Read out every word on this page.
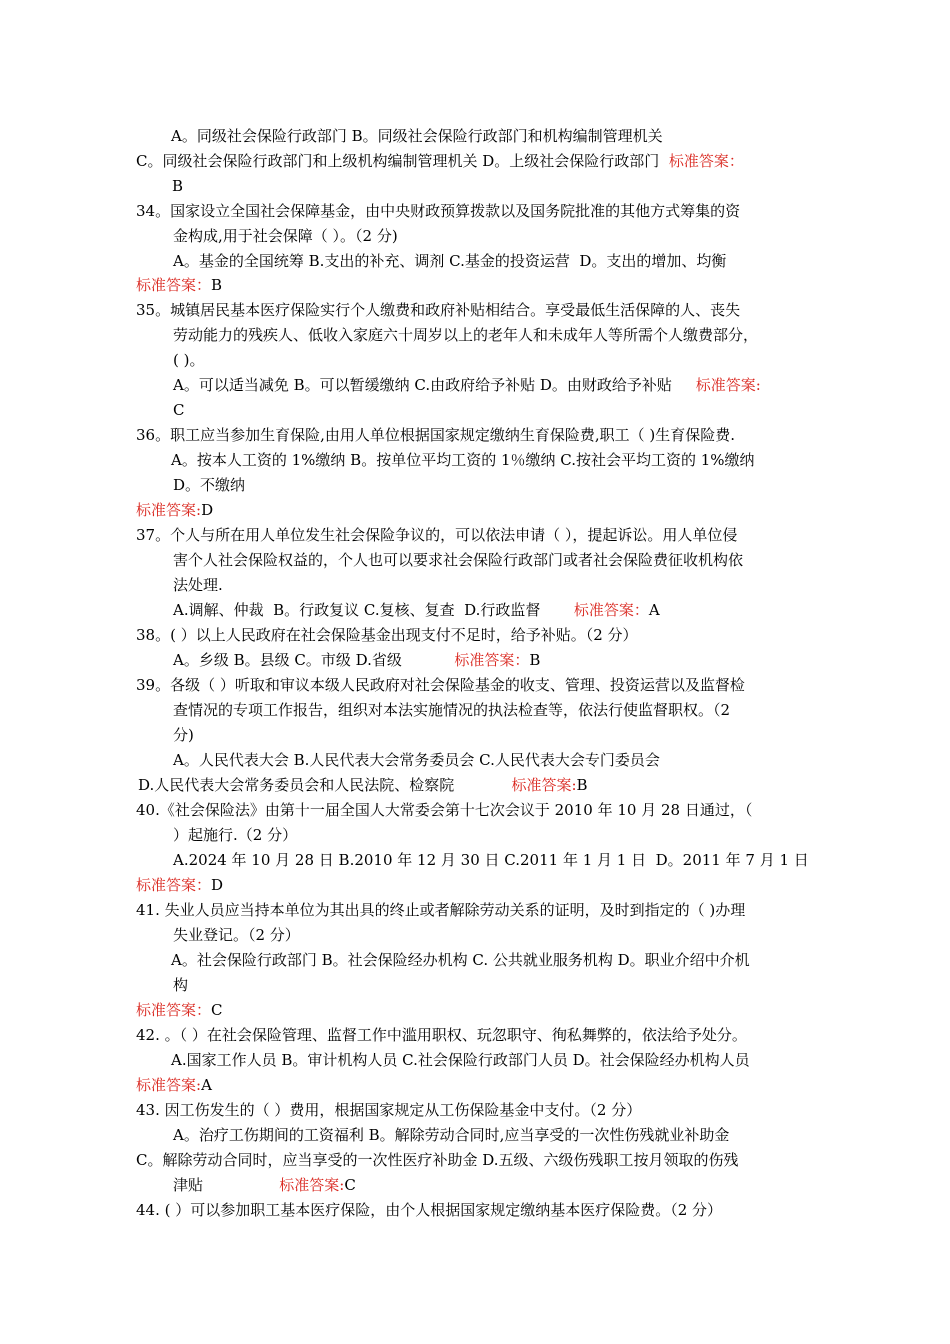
A。同级社会保险行政部门 B。同级社会保险行政部门和机构编制管理机关
C。同级社会保险行政部门和上级机构编制管理机关 D。上级社会保险行政部门  标准答案：
B
34。国家设立全国社会保障基金，由中央财政预算拨款以及国务院批准的其他方式筹集的资
金构成,用于社会保障（ ）。（2 分)
A。基金的全国统筹 B.支出的补充、调剂 C.基金的投资运营  D。支出的增加、均衡
标准答案：B
35。城镇居民基本医疗保险实行个人缴费和政府补贴相结合。享受最低生活保障的人、丧失
劳动能力的残疾人、低收入家庭六十周岁以上的老年人和未成年人等所需个人缴费部分，
( )。
A。可以适当减免 B。可以暂缓缴纳 C.由政府给予补贴 D。由财政给予补贴     标准答案:
C
36。职工应当参加生育保险,由用人单位根据国家规定缴纳生育保险费,职工（ )生育保险费.
A。按本人工资的 1%缴纳 B。按单位平均工资的 1％缴纳 C.按社会平均工资的 1%缴纳
D。不缴纳
标准答案:D
37。个人与所在用人单位发生社会保险争议的，可以依法申请（ ），提起诉讼。用人单位侵
害个人社会保险权益的，个人也可以要求社会保险行政部门或者社会保险费征收机构依
法处理.
A.调解、仲裁  B。行政复议 C.复核、复查  D.行政监督       标准答案：A
38。( ）以上人民政府在社会保险基金出现支付不足时，给予补贴。（2 分）
A。乡级 B。县级 C。市级 D.省级           标准答案：B
39。各级（ ）听取和审议本级人民政府对社会保险基金的收支、管理、投资运营以及监督检
查情况的专项工作报告，组织对本法实施情况的执法检查等，依法行使监督职权。（2
分)
A。人民代表大会 B.人民代表大会常务委员会 C.人民代表大会专门委员会
D.人民代表大会常务委员会和人民法院、检察院            标准答案:B
40.《社会保险法》由第十一届全国人大常委会第十七次会议于 2010 年 10 月 28 日通过，（
）起施行.（2 分）
A.2024 年 10 月 28 日 B.2010 年 12 月 30 日 C.2011 年 1 月 1 日  D。2011 年 7 月 1 日
标准答案：D
41. 失业人员应当持本单位为其出具的终止或者解除劳动关系的证明，及时到指定的（ )办理
失业登记。（2 分）
A。社会保险行政部门 B。社会保险经办机构 C. 公共就业服务机构 D。职业介绍中介机
构
标准答案：C
42. 。（ ）在社会保险管理、监督工作中滥用职权、玩忽职守、徇私舞弊的，依法给予处分。
A.国家工作人员 B。审计机构人员 C.社会保险行政部门人员 D。社会保险经办机构人员
标准答案:A
43. 因工伤发生的（ ）费用，根据国家规定从工伤保险基金中支付。（2 分）
A。治疗工伤期间的工资福利 B。解除劳动合同时,应当享受的一次性伤残就业补助金
C。解除劳动合同时，应当享受的一次性医疗补助金 D.五级、六级伤残职工按月领取的伤残
津贴                标准答案:C
44. ( ）可以参加职工基本医疗保险，由个人根据国家规定缴纳基本医疗保险费。（2 分）
